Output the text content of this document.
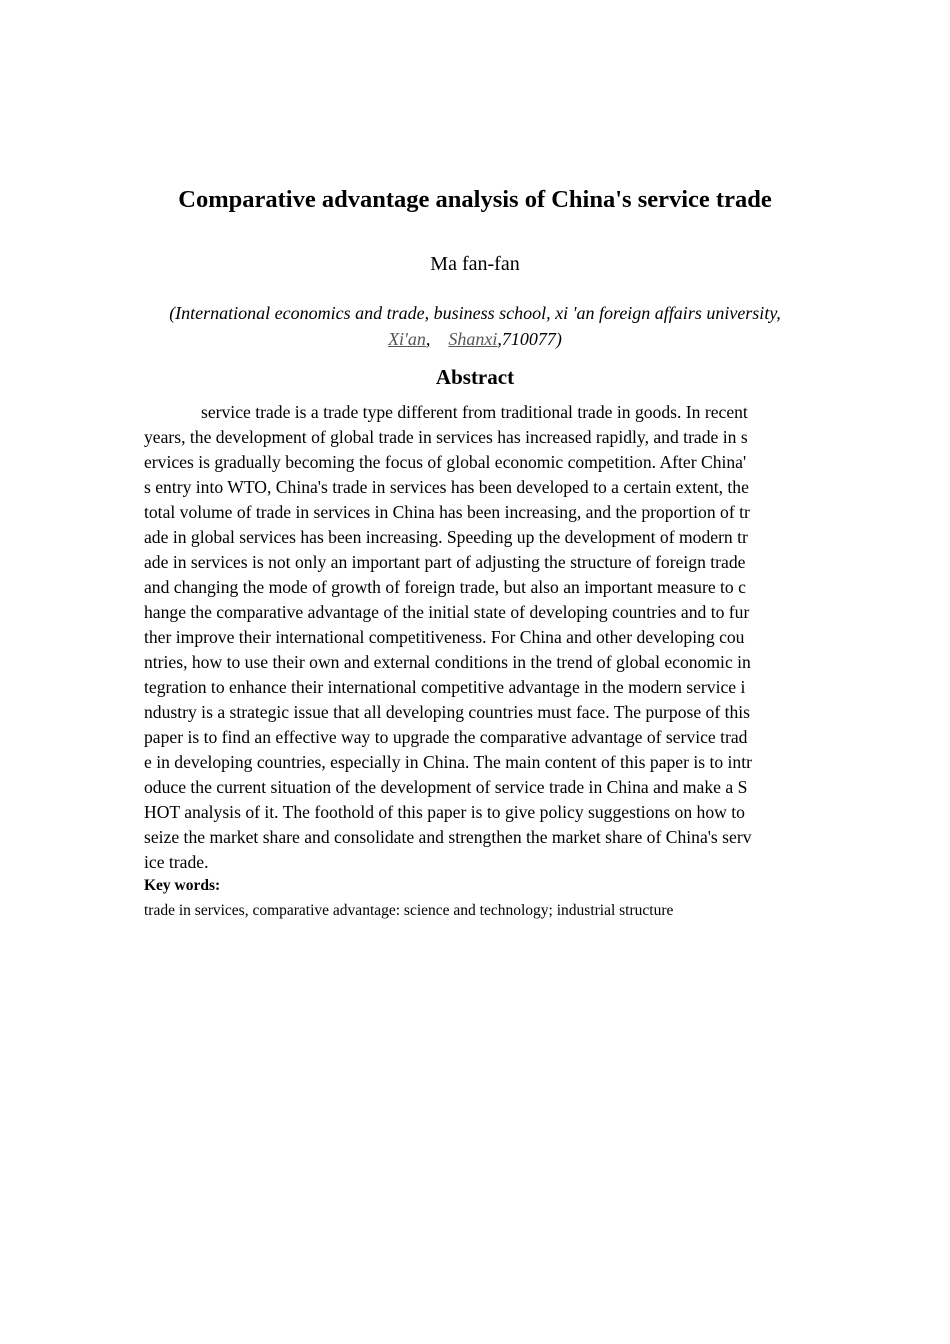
Comparative advantage analysis of China's service trade
Ma fan-fan
(International economics and trade, business school, xi 'an foreign affairs university,
Xi'an, Shanxi,710077)
Abstract
service trade is a trade type different from traditional trade in goods. In recent
years, the development of global trade in services has increased rapidly, and trade in s
ervices is gradually becoming the focus of global economic competition. After China'
s entry into WTO, China's trade in services has been developed to a certain extent, the
total volume of trade in services in China has been increasing, and the proportion of tr
ade in global services has been increasing. Speeding up the development of modern tr
ade in services is not only an important part of adjusting the structure of foreign trade
and changing the mode of growth of foreign trade, but also an important measure to c
hange the comparative advantage of the initial state of developing countries and to fur
ther improve their international competitiveness. For China and other developing cou
ntries, how to use their own and external conditions in the trend of global economic in
tegration to enhance their international competitive advantage in the modern service i
ndustry is a strategic issue that all developing countries must face. The purpose of this
paper is to find an effective way to upgrade the comparative advantage of service trad
e in developing countries, especially in China. The main content of this paper is to intr
oduce the current situation of the development of service trade in China and make a S
HOT analysis of it. The foothold of this paper is to give policy suggestions on how to
seize the market share and consolidate and strengthen the market share of China's serv
ice trade.
Key words:
trade in services, comparative advantage: science and technology; industrial structure
